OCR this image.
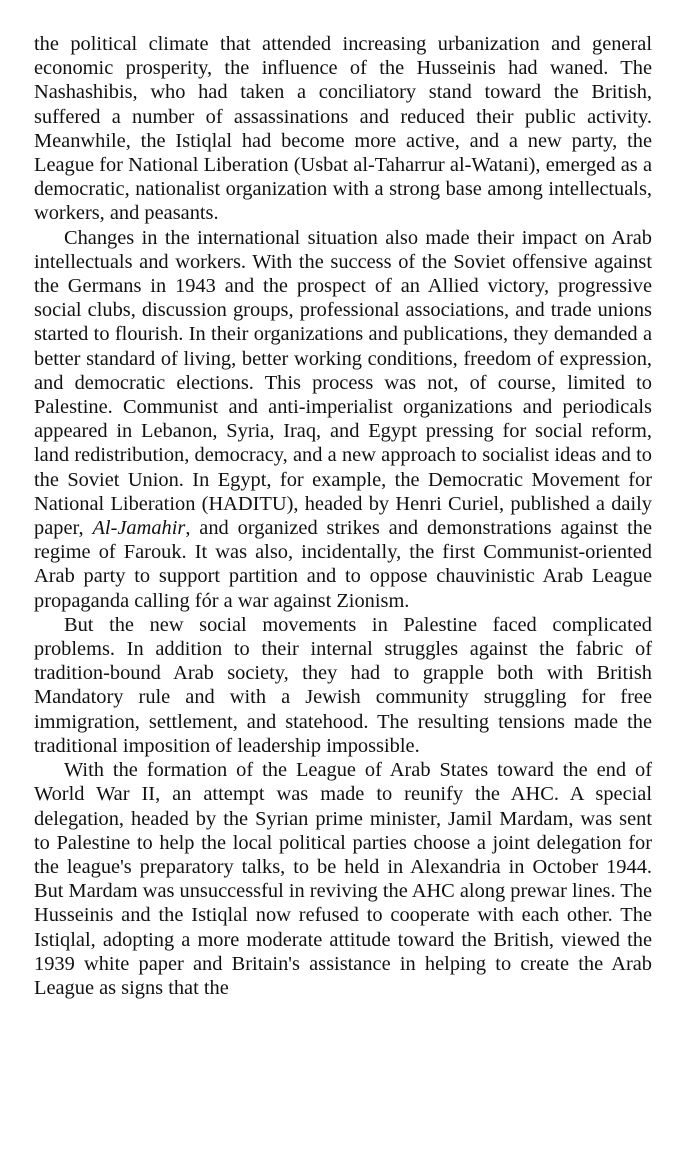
the political climate that attended increasing urbanization and general economic prosperity, the influence of the Husseinis had waned. The Nashashibis, who had taken a conciliatory stand toward the British, suffered a number of assassinations and reduced their public activity. Meanwhile, the Istiqlal had become more active, and a new party, the League for National Liberation (Usbat al-Taharrur al-Watani), emerged as a democratic, nationalist organization with a strong base among intellectuals, workers, and peasants.

Changes in the international situation also made their impact on Arab intellectuals and workers. With the success of the Soviet offensive against the Germans in 1943 and the prospect of an Allied victory, progressive social clubs, discussion groups, professional associations, and trade unions started to flourish. In their organizations and publications, they demanded a better standard of living, better working conditions, freedom of expression, and democratic elections. This process was not, of course, limited to Palestine. Communist and anti-imperialist organizations and periodicals appeared in Lebanon, Syria, Iraq, and Egypt pressing for social reform, land redistribution, democracy, and a new approach to socialist ideas and to the Soviet Union. In Egypt, for example, the Democratic Movement for National Liberation (HADITU), headed by Henri Curiel, published a daily paper, Al-Jamahir, and organized strikes and demonstrations against the regime of Farouk. It was also, incidentally, the first Communist-oriented Arab party to support partition and to oppose chauvinistic Arab League propaganda calling fór a war against Zionism.

But the new social movements in Palestine faced complicated problems. In addition to their internal struggles against the fabric of tradition-bound Arab society, they had to grapple both with British Mandatory rule and with a Jewish community struggling for free immigration, settlement, and statehood. The resulting tensions made the traditional imposition of leadership impossible.

With the formation of the League of Arab States toward the end of World War II, an attempt was made to reunify the AHC. A special delegation, headed by the Syrian prime minister, Jamil Mardam, was sent to Palestine to help the local political parties choose a joint delegation for the league's preparatory talks, to be held in Alexandria in October 1944. But Mardam was unsuccessful in reviving the AHC along prewar lines. The Husseinis and the Istiqlal now refused to cooperate with each other. The Istiqlal, adopting a more moderate attitude toward the British, viewed the 1939 white paper and Britain's assistance in helping to create the Arab League as signs that the
